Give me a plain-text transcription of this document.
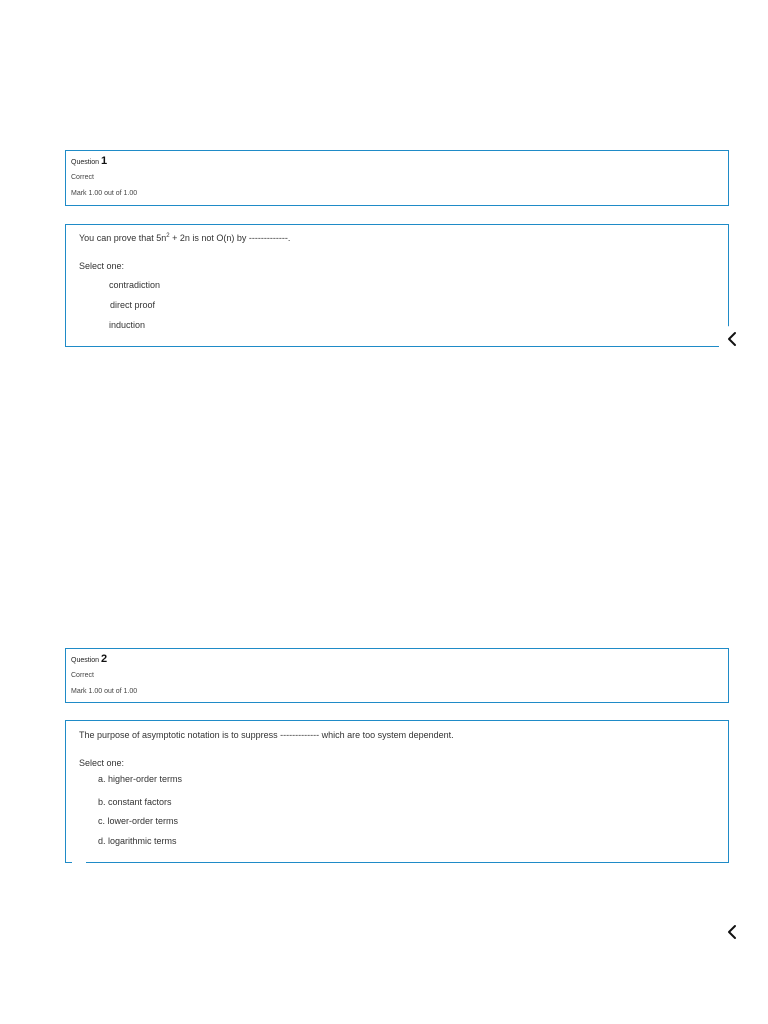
Question 1
Correct
Mark 1.00 out of 1.00
You can prove that $5n^2 + 2n$ is not O(n) by -------------.
Select one:
contradiction
direct proof
induction
Question 2
Correct
Mark 1.00 out of 1.00
The purpose of asymptotic notation is to suppress ------------- which are too system dependent.
Select one:
a. higher-order terms
b. constant factors
c. lower-order terms
d. logarithmic terms
